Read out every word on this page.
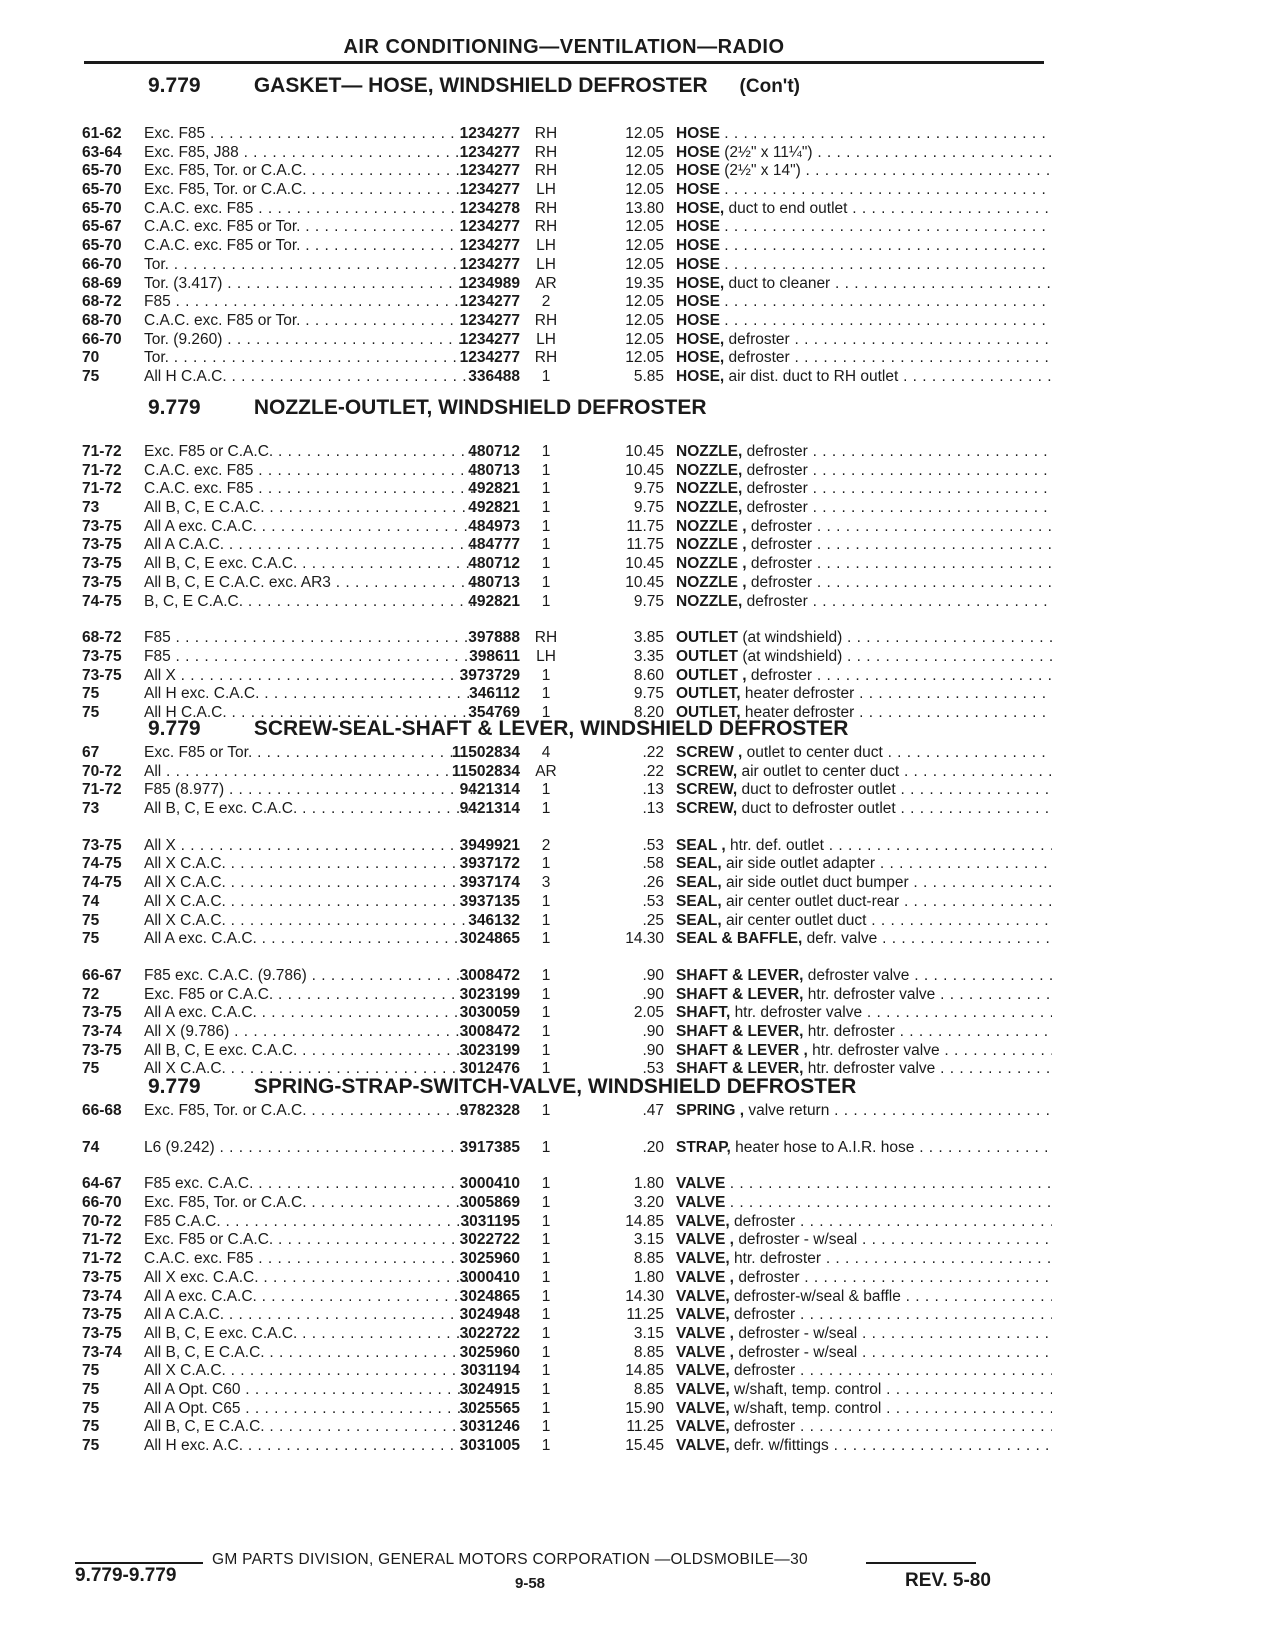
AIR CONDITIONING—VENTILATION—RADIO
9.779	GASKET— HOSE, WINDSHIELD DEFROSTER (Con't)
61-62	Exc. F85 . . .	1234277 RH	12.05 HOSE . . .
63-64	Exc. F85, J88 . . .	1234277 RH	12.05 HOSE (2½" x 11¼") . . .
65-70	Exc. F85, Tor. or C.A.C. . . .	1234277 RH	12.05 HOSE (2½" x 14") . . .
65-70	Exc. F85, Tor. or C.A.C. . . .	1234277	LH	12.05 HOSE . . .
65-70	C.A.C. exc. F85 . . .	1234278 RH	13.80 HOSE, duct to end outlet . . .
65-67	C.A.C. exc. F85 or Tor. . . .	1234277 RH	12.05 HOSE . . .
65-70	C.A.C. exc. F85 or Tor. . . .	1234277	LH	12.05 HOSE . . .
66-70	Tor. . . .	1234277	LH	12.05 HOSE . . .
68-69	Tor. (3.417) . . .	1234989 AR	19.35 HOSE, duct to cleaner . . .
68-72	F85 . . .	1234277	2	12.05 HOSE . . .
68-70	C.A.C. exc. F85 or Tor. . . .	1234277 RH	12.05 HOSE . . .
66-70	Tor. (9.260) . . .	1234277	LH	12.05 HOSE, defroster . . .
70	Tor. . . .	1234277 RH	12.05 HOSE, defroster . . .
75	All H C.A.C. . . .	336488	1	5.85 HOSE, air dist. duct to RH outlet . . .
9.779	NOZZLE-OUTLET, WINDSHIELD DEFROSTER
71-72	Exc. F85 or C.A.C. . . .	480712	1	10.45 NOZZLE, defroster . . .
71-72	C.A.C. exc. F85 . . .	480713	1	10.45 NOZZLE, defroster . . .
71-72	C.A.C. exc. F85 . . .	492821	1	9.75 NOZZLE, defroster . . .
73	All B, C, E C.A.C. . . .	492821	1	9.75 NOZZLE, defroster . . .
73-75	All A exc. C.A.C. . . .	484973	1	11.75 NOZZLE , defroster . . .
73-75	All A C.A.C. . . .	484777	1	11.75 NOZZLE , defroster . . .
73-75	All B, C, E exc. C.A.C. . . .	480712	1	10.45 NOZZLE , defroster . . .
73-75	All B, C, E C.A.C. exc. AR3 . . .	480713	1	10.45 NOZZLE , defroster . . .
74-75	B, C, E C.A.C. . . .	492821	1	9.75 NOZZLE, defroster . . .
68-72	F85 . . .	397888 RH	3.85 OUTLET (at windshield) . . .
73-75	F85 . . .	398611	LH	3.35 OUTLET (at windshield) . . .
73-75	All X . . .	3973729	1	8.60 OUTLET , defroster . . .
75	All H exc. C.A.C. . . .	346112	1	9.75 OUTLET, heater defroster . . .
75	All H C.A.C. . . .	354769	1	8.20 OUTLET, heater defroster . . .
9.779	SCREW-SEAL-SHAFT & LEVER, WINDSHIELD DEFROSTER
67	Exc. F85 or Tor. . . .	11502834	4	.22 SCREW , outlet to center duct . . .
70-72	All . . .	11502834 AR	.22 SCREW, air outlet to center duct . . .
71-72	F85 (8.977) . . .	9421314	1	.13 SCREW, duct to defroster outlet . . .
73	All B, C, E exc. C.A.C. . . .	9421314	1	.13 SCREW, duct to defroster outlet . . .
73-75	All X . . .	3949921	2	.53 SEAL , htr. def. outlet . . .
74-75	All X C.A.C. . . .	3937172	1	.58 SEAL, air side outlet adapter . . .
74-75	All X C.A.C. . . .	3937174	3	.26 SEAL, air side outlet duct bumper . . .
74	All X C.A.C. . . .	3937135	1	.53 SEAL, air center outlet duct-rear . . .
75	All X C.A.C. . . .	346132	1	.25 SEAL, air center outlet duct . . .
75	All A exc. C.A.C. . . .	3024865	1	14.30 SEAL & BAFFLE, defr. valve . . .
66-67	F85 exc. C.A.C. (9.786) . . .	3008472	1	.90 SHAFT & LEVER, defroster valve . . .
72	Exc. F85 or C.A.C. . . .	3023199	1	.90 SHAFT & LEVER, htr. defroster valve . . .
73-75	All A exc. C.A.C. . . .	3030059	1	2.05 SHAFT, htr. defroster valve . . .
73-74	All X (9.786) . . .	3008472	1	.90 SHAFT & LEVER, htr. defroster . . .
73-75	All B, C, E exc. C.A.C. . . .	3023199	1	.90 SHAFT & LEVER , htr. defroster valve . . .
75	All X C.A.C. . . .	3012476	1	.53 SHAFT & LEVER, htr. defroster valve . . .
9.779	SPRING-STRAP-SWITCH-VALVE, WINDSHIELD DEFROSTER
66-68	Exc. F85, Tor. or C.A.C. . . .	9782328	1	.47 SPRING , valve return . . .
74	L6 (9.242) . . .	3917385	1	.20 STRAP, heater hose to A.I.R. hose . . .
64-67	F85 exc. C.A.C. . . .	3000410	1	1.80 VALVE . . .
66-70	Exc. F85, Tor. or C.A.C. . . .	3005869	1	3.20 VALVE . . .
70-72	F85 C.A.C. . . .	3031195	1	14.85 VALVE, defroster . . .
71-72	Exc. F85 or C.A.C. . . .	3022722	1	3.15 VALVE , defroster - w/seal . . .
71-72	C.A.C. exc. F85 . . .	3025960	1	8.85 VALVE, htr. defroster . . .
73-75	All X exc. C.A.C. . . .	3000410	1	1.80 VALVE , defroster . . .
73-74	All A exc. C.A.C. . . .	3024865	1	14.30 VALVE, defroster-w/seal & baffle . . .
73-75	All A C.A.C. . . .	3024948	1	11.25 VALVE, defroster . . .
73-75	All B, C, E exc. C.A.C. . . .	3022722	1	3.15 VALVE , defroster - w/seal . . .
73-74	All B, C, E C.A.C. . . .	3025960	1	8.85 VALVE , defroster - w/seal . . .
75	All X C.A.C. . . .	3031194	1	14.85 VALVE, defroster . . .
75	All A Opt. C60 . . .	3024915	1	8.85 VALVE, w/shaft, temp. control . . .
75	All A Opt. C65 . . .	3025565	1	15.90 VALVE, w/shaft, temp. control . . .
75	All B, C, E C.A.C. . . .	3031246	1	11.25 VALVE, defroster . . .
75	All H exc. A.C. . . .	3031005	1	15.45 VALVE, defr. w/fittings . . .
GM PARTS DIVISION, GENERAL MOTORS CORPORATION —OLDSMOBILE—30
9.779-9.779	9-58	REV. 5-80
